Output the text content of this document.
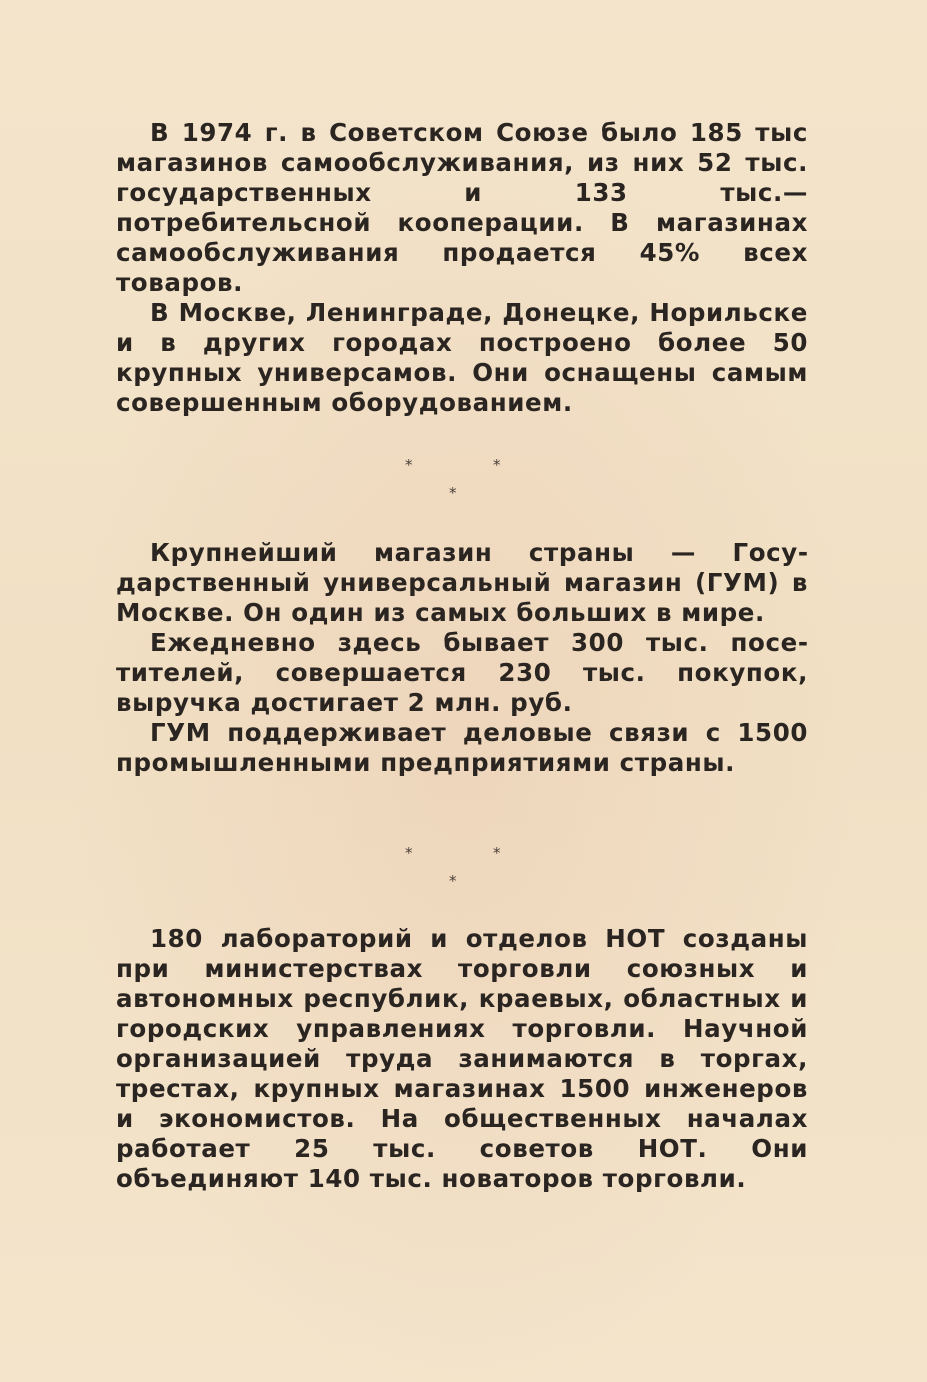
В 1974 г. в Советском Союзе было 185 тыс магазинов самообслуживания, из них 52 тыс. государственных и 133 тыс.— потребительсной кооперации. В магазинах самообслуживания продается 45% всех товаров.

В Москве, Ленинграде, Донецке, Норильске и в других городах построено более 50 крупных универсамов. Они оснащены самым совершенным оборудованием.

*	*
*

Крупнейший магазин страны — Государственный универсальный магазин (ГУМ) в Москве. Он один из самых больших в мире.

Ежедневно здесь бывает 300 тыс. посетителей, совершается 230 тыс. покупок, выручка достигает 2 млн. руб.

ГУМ поддерживает деловые связи с 1500 промышленными предприятиями страны.

*	*
*

180 лабораторий и отделов НОТ созданы при министерствах торговли союзных и автономных республик, краевых, областных и городских управлениях торговли. Научной организацией труда занимаются в торгах, трестах, крупных магазинах 1500 инженеров и экономистов. На общественных началах работает 25 тыс. советов НОТ. Они объединяют 140 тыс. новаторов торговли.
